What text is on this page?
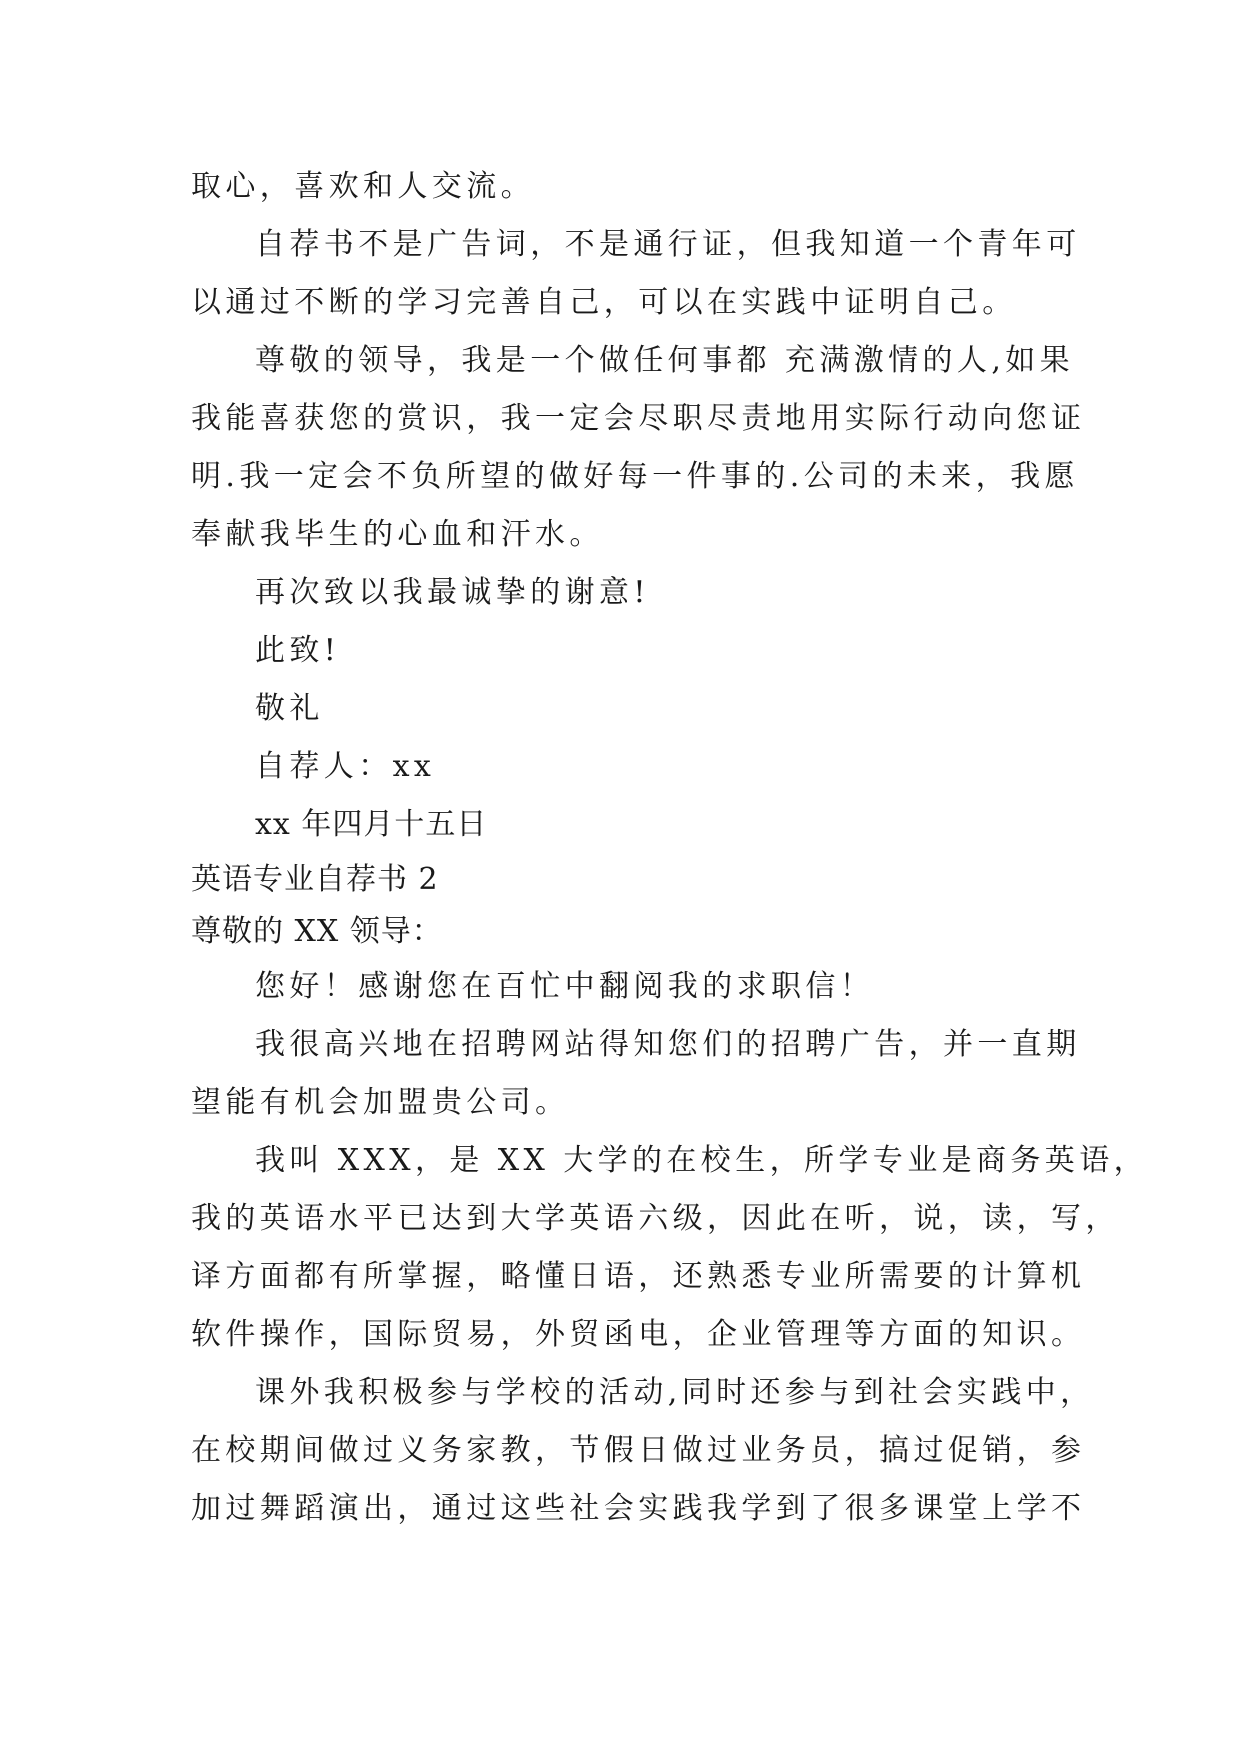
取心，喜欢和人交流。
自荐书不是广告词，不是通行证，但我知道一个青年可
以通过不断的学习完善自己，可以在实践中证明自己。
尊敬的领导，我是一个做任何事都 充满激情的人,如果
我能喜获您的赏识，我一定会尽职尽责地用实际行动向您证
明.我一定会不负所望的做好每一件事的.公司的未来，我愿
奉献我毕生的心血和汗水。
再次致以我最诚挚的谢意!
此致!
敬礼
自荐人：xx
xx 年四月十五日
英语专业自荐书 2
尊敬的 XX 领导：
您好！感谢您在百忙中翻阅我的求职信！
我很高兴地在招聘网站得知您们的招聘广告，并一直期
望能有机会加盟贵公司。
我叫 XXX，是 XX 大学的在校生，所学专业是商务英语，
我的英语水平已达到大学英语六级，因此在听，说，读，写，
译方面都有所掌握，略懂日语，还熟悉专业所需要的计算机
软件操作，国际贸易，外贸函电，企业管理等方面的知识。
课外我积极参与学校的活动,同时还参与到社会实践中，
在校期间做过义务家教，节假日做过业务员，搞过促销，参
加过舞蹈演出，通过这些社会实践我学到了很多课堂上学不
